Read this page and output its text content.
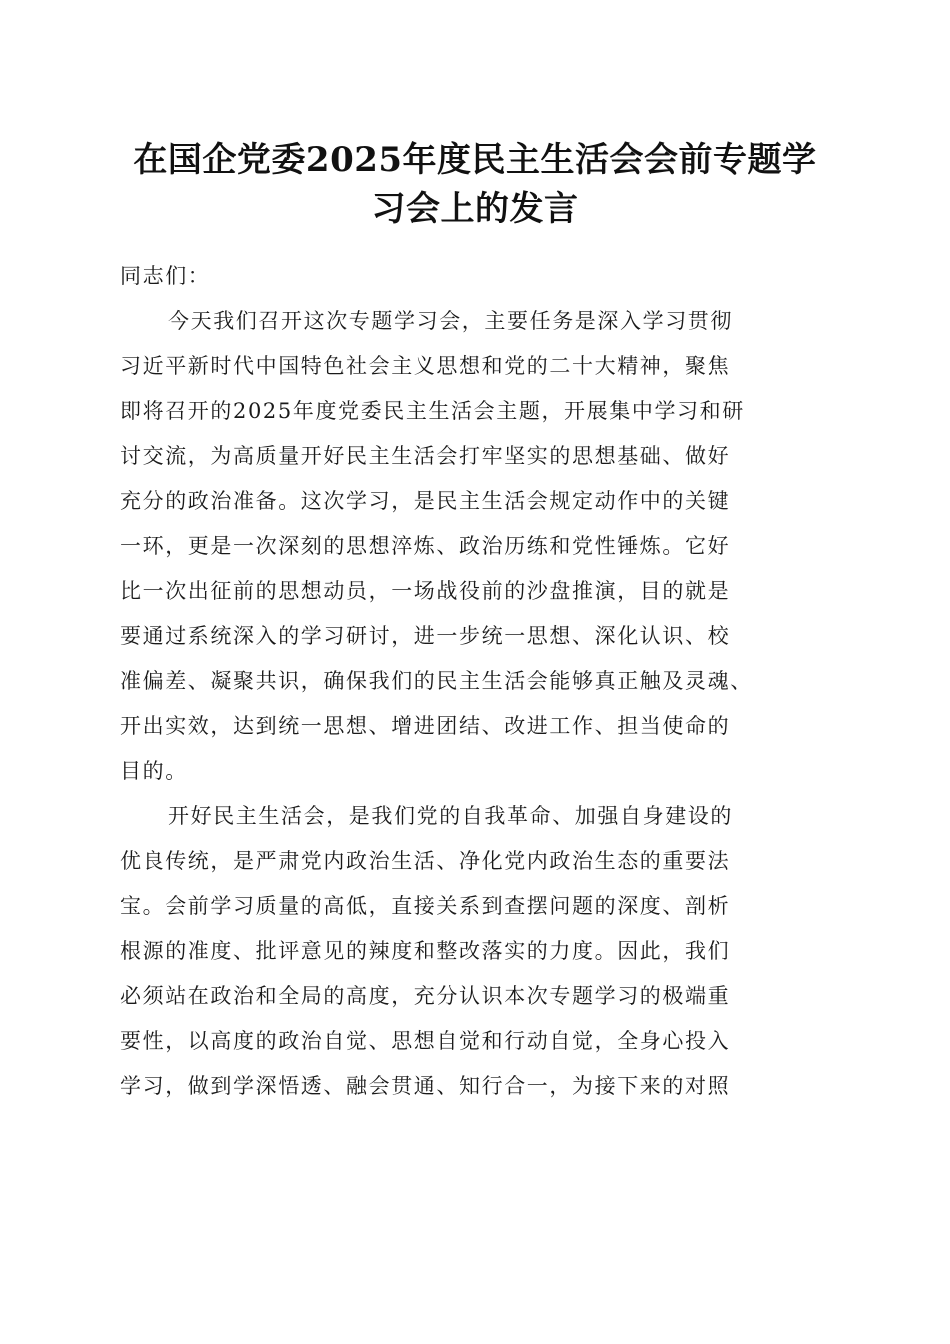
在国企党委2025年度民主生活会会前专题学
习会上的发言
同志们：
今天我们召开这次专题学习会，主要任务是深入学习贯彻
习近平新时代中国特色社会主义思想和党的二十大精神，聚焦
即将召开的2025年度党委民主生活会主题，开展集中学习和研
讨交流，为高质量开好民主生活会打牢坚实的思想基础、做好
充分的政治准备。这次学习，是民主生活会规定动作中的关键
一环，更是一次深刻的思想淬炼、政治历练和党性锤炼。它好
比一次出征前的思想动员，一场战役前的沙盘推演，目的就是
要通过系统深入的学习研讨，进一步统一思想、深化认识、校
准偏差、凝聚共识，确保我们的民主生活会能够真正触及灵魂、
开出实效，达到统一思想、增进团结、改进工作、担当使命的
目的。
开好民主生活会，是我们党的自我革命、加强自身建设的
优良传统，是严肃党内政治生活、净化党内政治生态的重要法
宝。会前学习质量的高低，直接关系到查摆问题的深度、剖析
根源的准度、批评意见的辣度和整改落实的力度。因此，我们
必须站在政治和全局的高度，充分认识本次专题学习的极端重
要性，以高度的政治自觉、思想自觉和行动自觉，全身心投入
学习，做到学深悟透、融会贯通、知行合一，为接下来的对照
